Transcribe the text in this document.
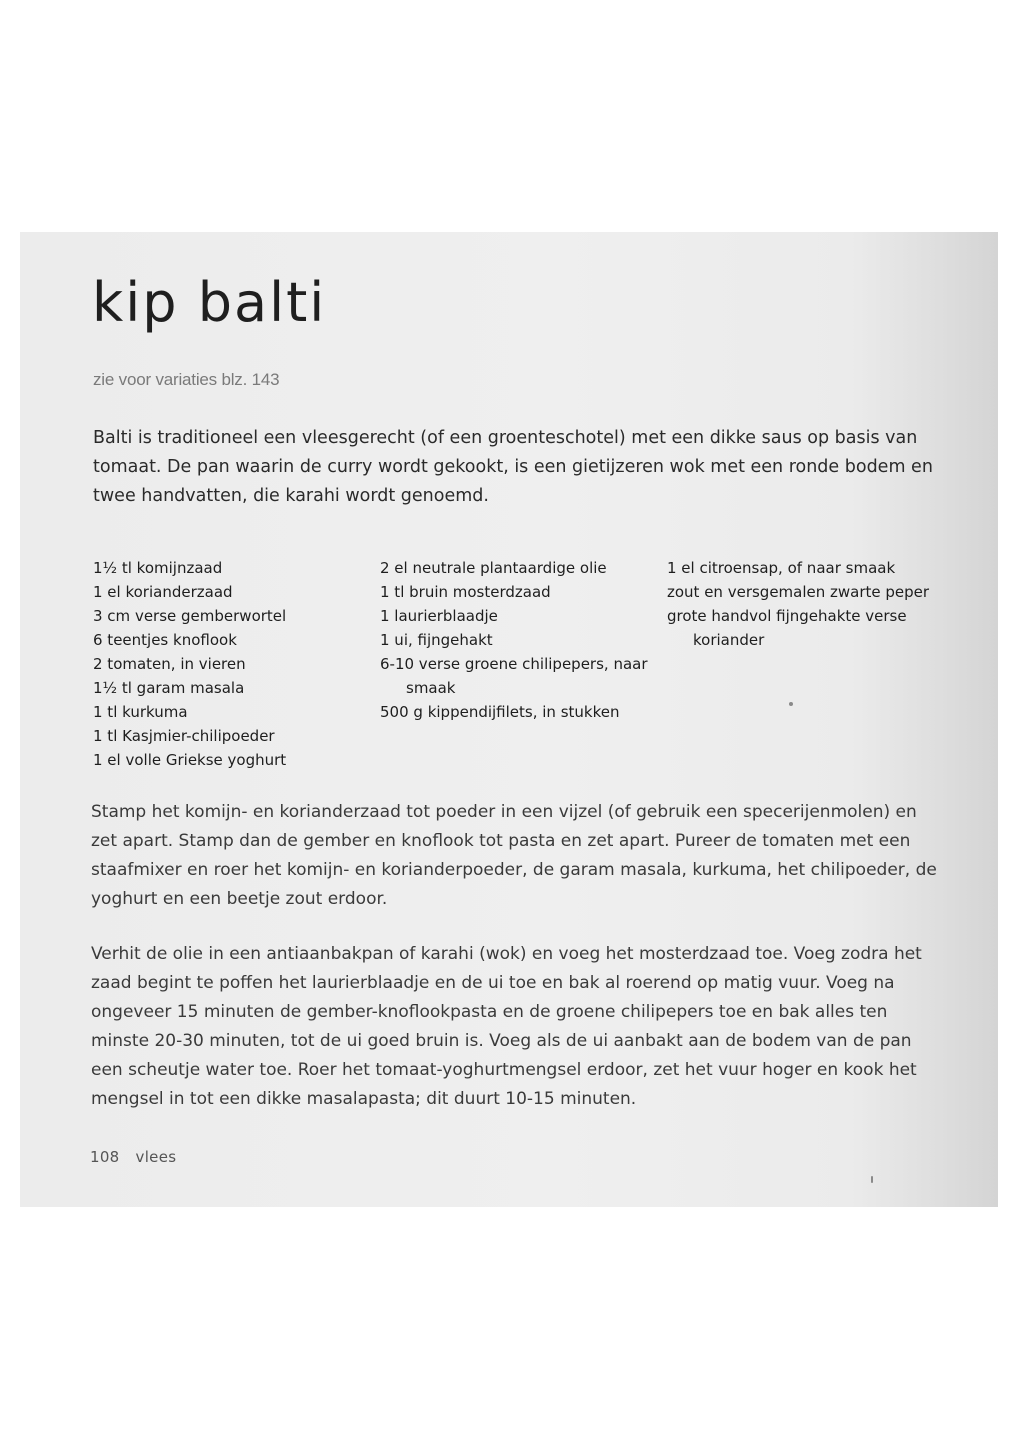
kip balti
zie voor variaties blz. 143

Balti is traditioneel een vleesgerecht (of een groenteschotel) met een dikke saus op basis van tomaat. De pan waarin de curry wordt gekookt, is een gietijzeren wok met een ronde bodem en twee handvatten, die karahi wordt genoemd.

1½ tl komijnzaad
1 el korianderzaad
3 cm verse gemberwortel
6 teentjes knoflook
2 tomaten, in vieren
1½ tl garam masala
1 tl kurkuma
1 tl Kasjmier-chilipoeder
1 el volle Griekse yoghurt
2 el neutrale plantaardige olie
1 tl bruin mosterdzaad
1 laurierblaadje
1 ui, fijngehakt
6-10 verse groene chilipepers, naar smaak
500 g kippendijfilets, in stukken
1 el citroensap, of naar smaak
zout en versgemalen zwarte peper
grote handvol fijngehakte verse koriander

Stamp het komijn- en korianderzaad tot poeder in een vijzel (of gebruik een specerijenmolen) en zet apart. Stamp dan de gember en knoflook tot pasta en zet apart. Pureer de tomaten met een staafmixer en roer het komijn- en korianderpoeder, de garam masala, kurkuma, het chilipoeder, de yoghurt en een beetje zout erdoor.

Verhit de olie in een antiaanbakpan of karahi (wok) en voeg het mosterdzaad toe. Voeg zodra het zaad begint te poffen het laurierblaadje en de ui toe en bak al roerend op matig vuur. Voeg na ongeveer 15 minuten de gember-knoflookpasta en de groene chilipepers toe en bak alles ten minste 20-30 minuten, tot de ui goed bruin is. Voeg als de ui aanbakt aan de bodem van de pan een scheutje water toe. Roer het tomaat-yoghurtmengsel erdoor, zet het vuur hoger en kook het mengsel in tot een dikke masalapasta; dit duurt 10-15 minuten.

108 vlees
